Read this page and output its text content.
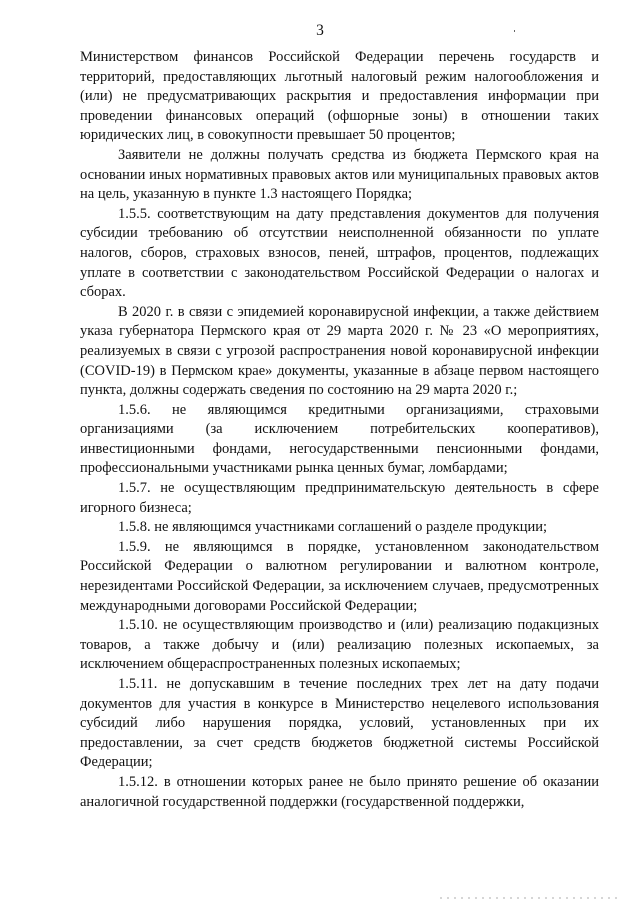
3

Министерством финансов Российской Федерации перечень государств и территорий, предоставляющих льготный налоговый режим налогообложения и (или) не предусматривающих раскрытия и предоставления информации при проведении финансовых операций (офшорные зоны) в отношении таких юридических лиц, в совокупности превышает 50 процентов;

Заявители не должны получать средства из бюджета Пермского края на основании иных нормативных правовых актов или муниципальных правовых актов на цель, указанную в пункте 1.3 настоящего Порядка;

1.5.5. соответствующим на дату представления документов для получения субсидии требованию об отсутствии неисполненной обязанности по уплате налогов, сборов, страховых взносов, пеней, штрафов, процентов, подлежащих уплате в соответствии с законодательством Российской Федерации о налогах и сборах.

В 2020 г. в связи с эпидемией коронавирусной инфекции, а также действием указа губернатора Пермского края от 29 марта 2020 г. № 23 «О мероприятиях, реализуемых в связи с угрозой распространения новой коронавирусной инфекции (COVID-19) в Пермском крае» документы, указанные в абзаце первом настоящего пункта, должны содержать сведения по состоянию на 29 марта 2020 г.;

1.5.6. не являющимся кредитными организациями, страховыми организациями (за исключением потребительских кооперативов), инвестиционными фондами, негосударственными пенсионными фондами, профессиональными участниками рынка ценных бумаг, ломбардами;

1.5.7. не осуществляющим предпринимательскую деятельность в сфере игорного бизнеса;

1.5.8. не являющимся участниками соглашений о разделе продукции;

1.5.9. не являющимся в порядке, установленном законодательством Российской Федерации о валютном регулировании и валютном контроле, нерезидентами Российской Федерации, за исключением случаев, предусмотренных международными договорами Российской Федерации;

1.5.10. не осуществляющим производство и (или) реализацию подакцизных товаров, а также добычу и (или) реализацию полезных ископаемых, за исключением общераспространенных полезных ископаемых;

1.5.11. не допускавшим в течение последних трех лет на дату подачи документов для участия в конкурсе в Министерство нецелевого использования субсидий либо нарушения порядка, условий, установленных при их предоставлении, за счет средств бюджетов бюджетной системы Российской Федерации;

1.5.12. в отношении которых ранее не было принято решение об оказании аналогичной государственной поддержки (государственной поддержки,
